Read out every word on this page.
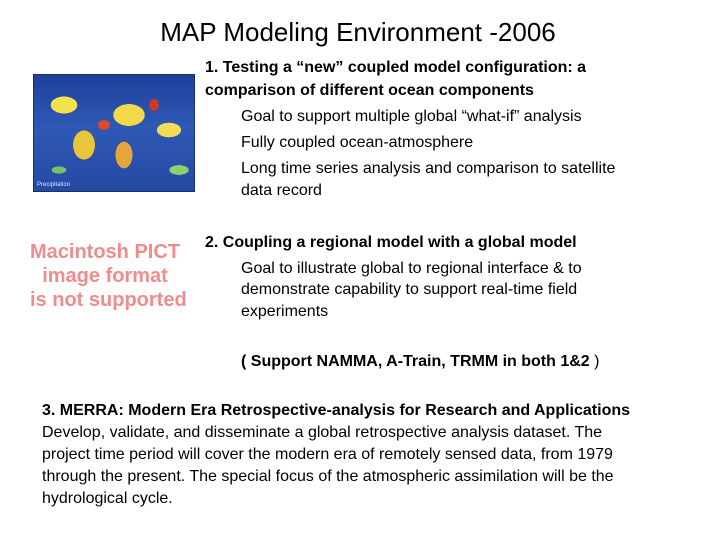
MAP Modeling Environment -2006
Precipitation
Macintosh PICT
image format
is not supported
1. Testing a “new” coupled model configuration: a
comparison of different ocean components
Goal to support multiple global “what-if” analysis
Fully coupled ocean-atmosphere
Long time series analysis and comparison to satellite
data record
2. Coupling a regional model with a global model
Goal to illustrate global to regional interface & to
demonstrate capability to support real-time field
experiments
( Support NAMMA, A-Train, TRMM in both 1&2 )
3. MERRA: Modern Era Retrospective-analysis for Research and Applications
Develop, validate, and disseminate a global retrospective analysis dataset. The
project time period will cover the modern era of remotely sensed data, from 1979
through the present. The special focus of the atmospheric assimilation will be the
hydrological cycle.
